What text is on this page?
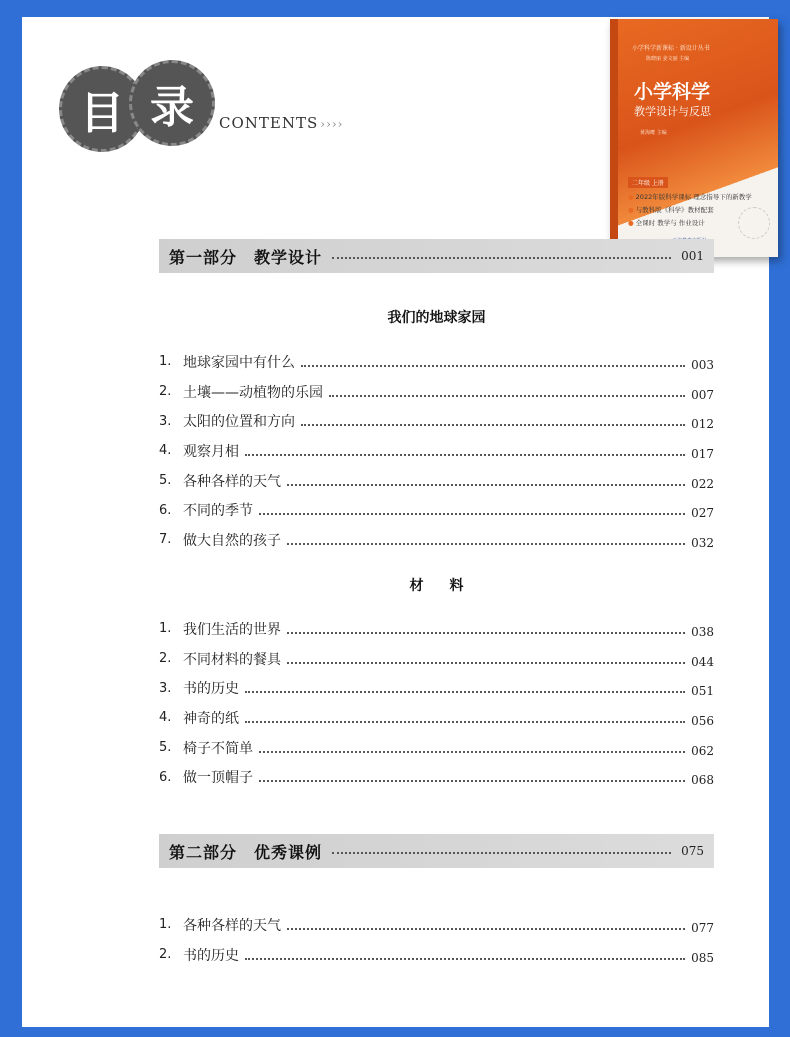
目 录 CONTENTS ››››
小学科学新课标 · 新设计丛书
陈晓丽 姜文丽 主编
小学科学
教学设计与反思
黄海鹰 主编
二年级 上册
● 2022年版科学课标 理念指导下的新教学
● 与教科版《科学》教材配套
● 全课时 教学与 作业设计
第一部分　教学设计	001
我们的地球家园
1. 地球家园中有什么	003
2. 土壤——动植物的乐园	007
3. 太阳的位置和方向	012
4. 观察月相	017
5. 各种各样的天气	022
6. 不同的季节	027
7. 做大自然的孩子	032
材料
1. 我们生活的世界	038
2. 不同材料的餐具	044
3. 书的历史	051
4. 神奇的纸	056
5. 椅子不简单	062
6. 做一顶帽子	068
第二部分　优秀课例	075
1. 各种各样的天气	077
2. 书的历史	085
